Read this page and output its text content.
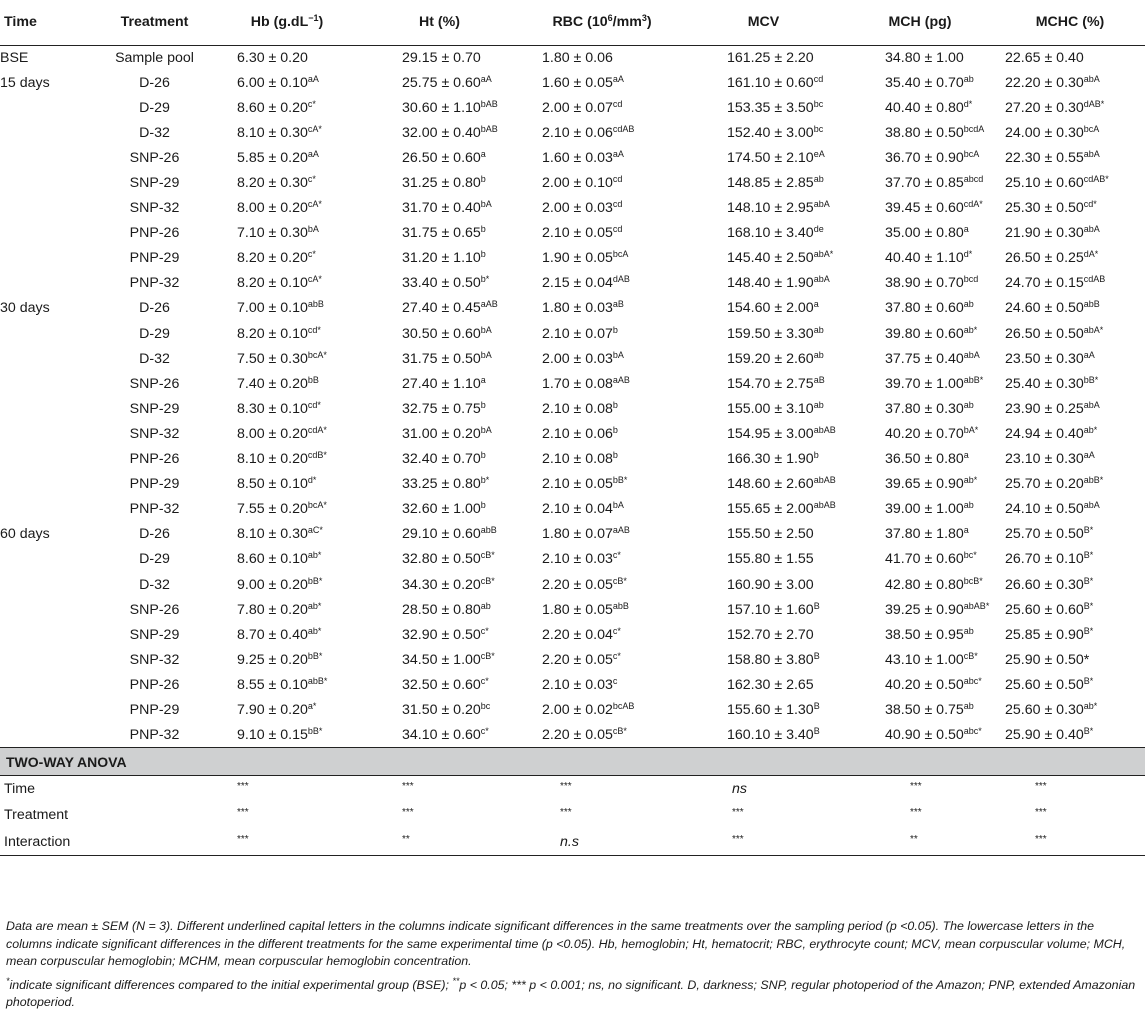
Time	Treatment	Hb $(g.dL^{-1})$	Ht (%)	RBC $(10^6/mm^3)$	MCV	MCH (pg)	MCHC (%)
BSE	Sample pool	6.30 ± 0.20	29.15 ± 0.70	1.80 ± 0.06	161.25 ± 2.20	34.80 ± 1.00	22.65 ± 0.40
15 days	D-26	$6.00 \pm 0.10^{aA}$	$25.75 \pm 0.60^{aA}$	$1.60 \pm 0.05^{aA}$	161.10 ± 0.60$^{cd}$	35.40 ± 0.70$^{ab}$	$22.20 \pm 0.30^{abA}$
	D-29	$8.60 \pm 0.20^{c*}$	$30.60 \pm 1.10^{bAB}$	2.00 ± 0.07$^{cd}$	153.35 ± 3.50$^{bc}$	$40.40 \pm 0.80^{d*}$	$27.20 \pm 0.30^{dAB*}$
	D-32	$8.10 \pm 0.30^{cA*}$	$32.00 \pm 0.40^{bAB}$	$2.10 \pm 0.06^{cdAB}$	152.40 ± 3.00$^{bc}$	$38.80 \pm 0.50^{bcdA}$	$24.00 \pm 0.30^{bcA}$
	SNP-26	$5.85 \pm 0.20^{aA}$	26.50 ± 0.60$^a$	$1.60 \pm 0.03^{aA}$	$174.50 \pm 2.10^{eA}$	$36.70 \pm 0.90^{bcA}$	$22.30 \pm 0.55^{abA}$
	SNP-29	$8.20 \pm 0.30^{c*}$	31.25 ± 0.80$^b$	2.00 ± 0.10$^{cd}$	148.85 ± 2.85$^{ab}$	$37.70 \pm 0.85^{abcd}$	$25.10 \pm 0.60^{cdAB*}$
	SNP-32	$8.00 \pm 0.20^{cA*}$	$31.70 \pm 0.40^{bA}$	2.00 ± 0.03$^{cd}$	$148.10 \pm 2.95^{abA}$	$39.45 \pm 0.60^{cdA*}$	$25.30 \pm 0.50^{cd*}$
	PNP-26	$7.10 \pm 0.30^{bA}$	31.75 ± 0.65$^b$	2.10 ± 0.05$^{cd}$	168.10 ± 3.40de	35.00 ± 0.80$^a$	$21.90 \pm 0.30^{abA}$
	PNP-29	$8.20 \pm 0.20^{c*}$	31.20 ± 1.10$^b$	$1.90 \pm 0.05^{bcA}$	$145.40 \pm 2.50^{abA*}$	$40.40 \pm 1.10^{d*}$	$26.50 \pm 0.25^{dA*}$
	PNP-32	$8.20 \pm 0.10^{cA*}$	$33.40 \pm 0.50^{b*}$	$2.15 \pm 0.04^{dAB}$	$148.40 \pm 1.90^{abA}$	38.90 ± 0.70$^{bcd}$	$24.70 \pm 0.15^{cdAB}$
30 days	D-26	$7.00 \pm 0.10^{abB}$	$27.40 \pm 0.45^{aAB}$	$1.80 \pm 0.03^{aB}$	154.60 ± 2.00$^a$	37.80 ± 0.60$^{ab}$	$24.60 \pm 0.50^{abB}$
	D-29	$8.20 \pm 0.10^{cd*}$	$30.50 \pm 0.60^{bA}$	2.10 ± 0.07$^b$	159.50 ± 3.30$^{ab}$	$39.80 \pm 0.60^{ab*}$	$26.50 \pm 0.50^{abA*}$
	D-32	$7.50 \pm 0.30^{bcA*}$	$31.75 \pm 0.50^{bA}$	$2.00 \pm 0.03^{bA}$	159.20 ± 2.60$^{ab}$	$37.75 \pm 0.40^{abA}$	$23.50 \pm 0.30^{aA}$
	SNP-26	$7.40 \pm 0.20^{bB}$	27.40 ± 1.10$^a$	$1.70 \pm 0.08^{aAB}$	$154.70 \pm 2.75^{aB}$	$39.70 \pm 1.00^{abB*}$	$25.40 \pm 0.30^{bB*}$
	SNP-29	$8.30 \pm 0.10^{cd*}$	32.75 ± 0.75$^b$	2.10 ± 0.08$^b$	155.00 ± 3.10$^{ab}$	37.80 ± 0.30$^{ab}$	$23.90 \pm 0.25^{abA}$
	SNP-32	$8.00 \pm 0.20^{cdA*}$	$31.00 \pm 0.20^{bA}$	2.10 ± 0.06$^b$	$154.95 \pm 3.00^{abAB}$	$40.20 \pm 0.70^{bA*}$	$24.94 \pm 0.40^{ab*}$
	PNP-26	$8.10 \pm 0.20^{cdB*}$	32.40 ± 0.70$^b$	2.10 ± 0.08$^b$	166.30 ± 1.90$^b$	36.50 ± 0.80$^a$	$23.10 \pm 0.30^{aA}$
	PNP-29	$8.50 \pm 0.10^{d*}$	$33.25 \pm 0.80^{b*}$	$2.10 \pm 0.05^{bB*}$	$148.60 \pm 2.60^{abAB}$	$39.65 \pm 0.90^{ab*}$	$25.70 \pm 0.20^{abB*}$
	PNP-32	$7.55 \pm 0.20^{bcA*}$	32.60 ± 1.00$^b$	$2.10 \pm 0.04^{bA}$	$155.65 \pm 2.00^{abAB}$	39.00 ± 1.00$^{ab}$	$24.10 \pm 0.50^{abA}$
60 days	D-26	$8.10 \pm 0.30^{aC*}$	$29.10 \pm 0.60^{abB}$	$1.80 \pm 0.07^{aAB}$	155.50 ± 2.50	37.80 ± 1.80$^a$	$25.70 \pm 0.50^{B*}$
	D-29	$8.60 \pm 0.10^{ab*}$	$32.80 \pm 0.50^{cB*}$	$2.10 \pm 0.03^{c*}$	155.80 ± 1.55	$41.70 \pm 0.60^{bc*}$	$26.70 \pm 0.10^{B*}$
	D-32	$9.00 \pm 0.20^{bB*}$	$34.30 \pm 0.20^{cB*}$	$2.20 \pm 0.05^{cB*}$	160.90 ± 3.00	$42.80 \pm 0.80^{bcB*}$	$26.60 \pm 0.30^{B*}$
	SNP-26	$7.80 \pm 0.20^{ab*}$	28.50 ± 0.80$^{ab}$	$1.80 \pm 0.05^{abB}$	$157.10 \pm 1.60^B$	$39.25 \pm 0.90^{abAB*}$	$25.60 \pm 0.60^{B*}$
	SNP-29	$8.70 \pm 0.40^{ab*}$	$32.90 \pm 0.50^{c*}$	$2.20 \pm 0.04^{c*}$	152.70 ± 2.70	38.50 ± 0.95$^{ab}$	$25.85 \pm 0.90^{B*}$
	SNP-32	$9.25 \pm 0.20^{bB*}$	$34.50 \pm 1.00^{cB*}$	$2.20 \pm 0.05^{c*}$	$158.80 \pm 3.80^B$	$43.10 \pm 1.00^{cB*}$	25.90 ± 0.50*
	PNP-26	$8.55 \pm 0.10^{abB*}$	$32.50 \pm 0.60^{c*}$	2.10 ± 0.03$^c$	162.30 ± 2.65	$40.20 \pm 0.50^{abc*}$	$25.60 \pm 0.50^{B*}$
	PNP-29	$7.90 \pm 0.20^{a*}$	31.50 ± 0.20$^{bc}$	$2.00 \pm 0.02^{bcAB}$	$155.60 \pm 1.30^B$	38.50 ± 0.75$^{ab}$	$25.60 \pm 0.30^{ab*}$
	PNP-32	$9.10 \pm 0.15^{bB*}$	$34.10 \pm 0.60^{c*}$	$2.20 \pm 0.05^{cB*}$	$160.10 \pm 3.40^B$	$40.90 \pm 0.50^{abc*}$	$25.90 \pm 0.40^{B*}$
TWO-WAY ANOVA							
Time		***	***	***	ns	***	***
Treatment		***	***	***	***	***	***
Interaction		***	**	n.s	***	**	***

Data are mean ± SEM (N = 3). Different underlined capital letters in the columns indicate significant differences in the same treatments over the sampling period (p <0.05). The lowercase letters in the columns indicate significant differences in the different treatments for the same experimental time (p <0.05). Hb, hemoglobin; Ht, hematocrit; RBC, erythrocyte count; MCV, mean corpuscular volume; MCH, mean corpuscular hemoglobin; MCHM, mean corpuscular hemoglobin concentration.

*indicate significant differences compared to the initial experimental group (BSE); **p < 0.05; *** p < 0.001; ns, no significant. D, darkness; SNP, regular photoperiod of the Amazon; PNP, extended Amazonian photoperiod.
